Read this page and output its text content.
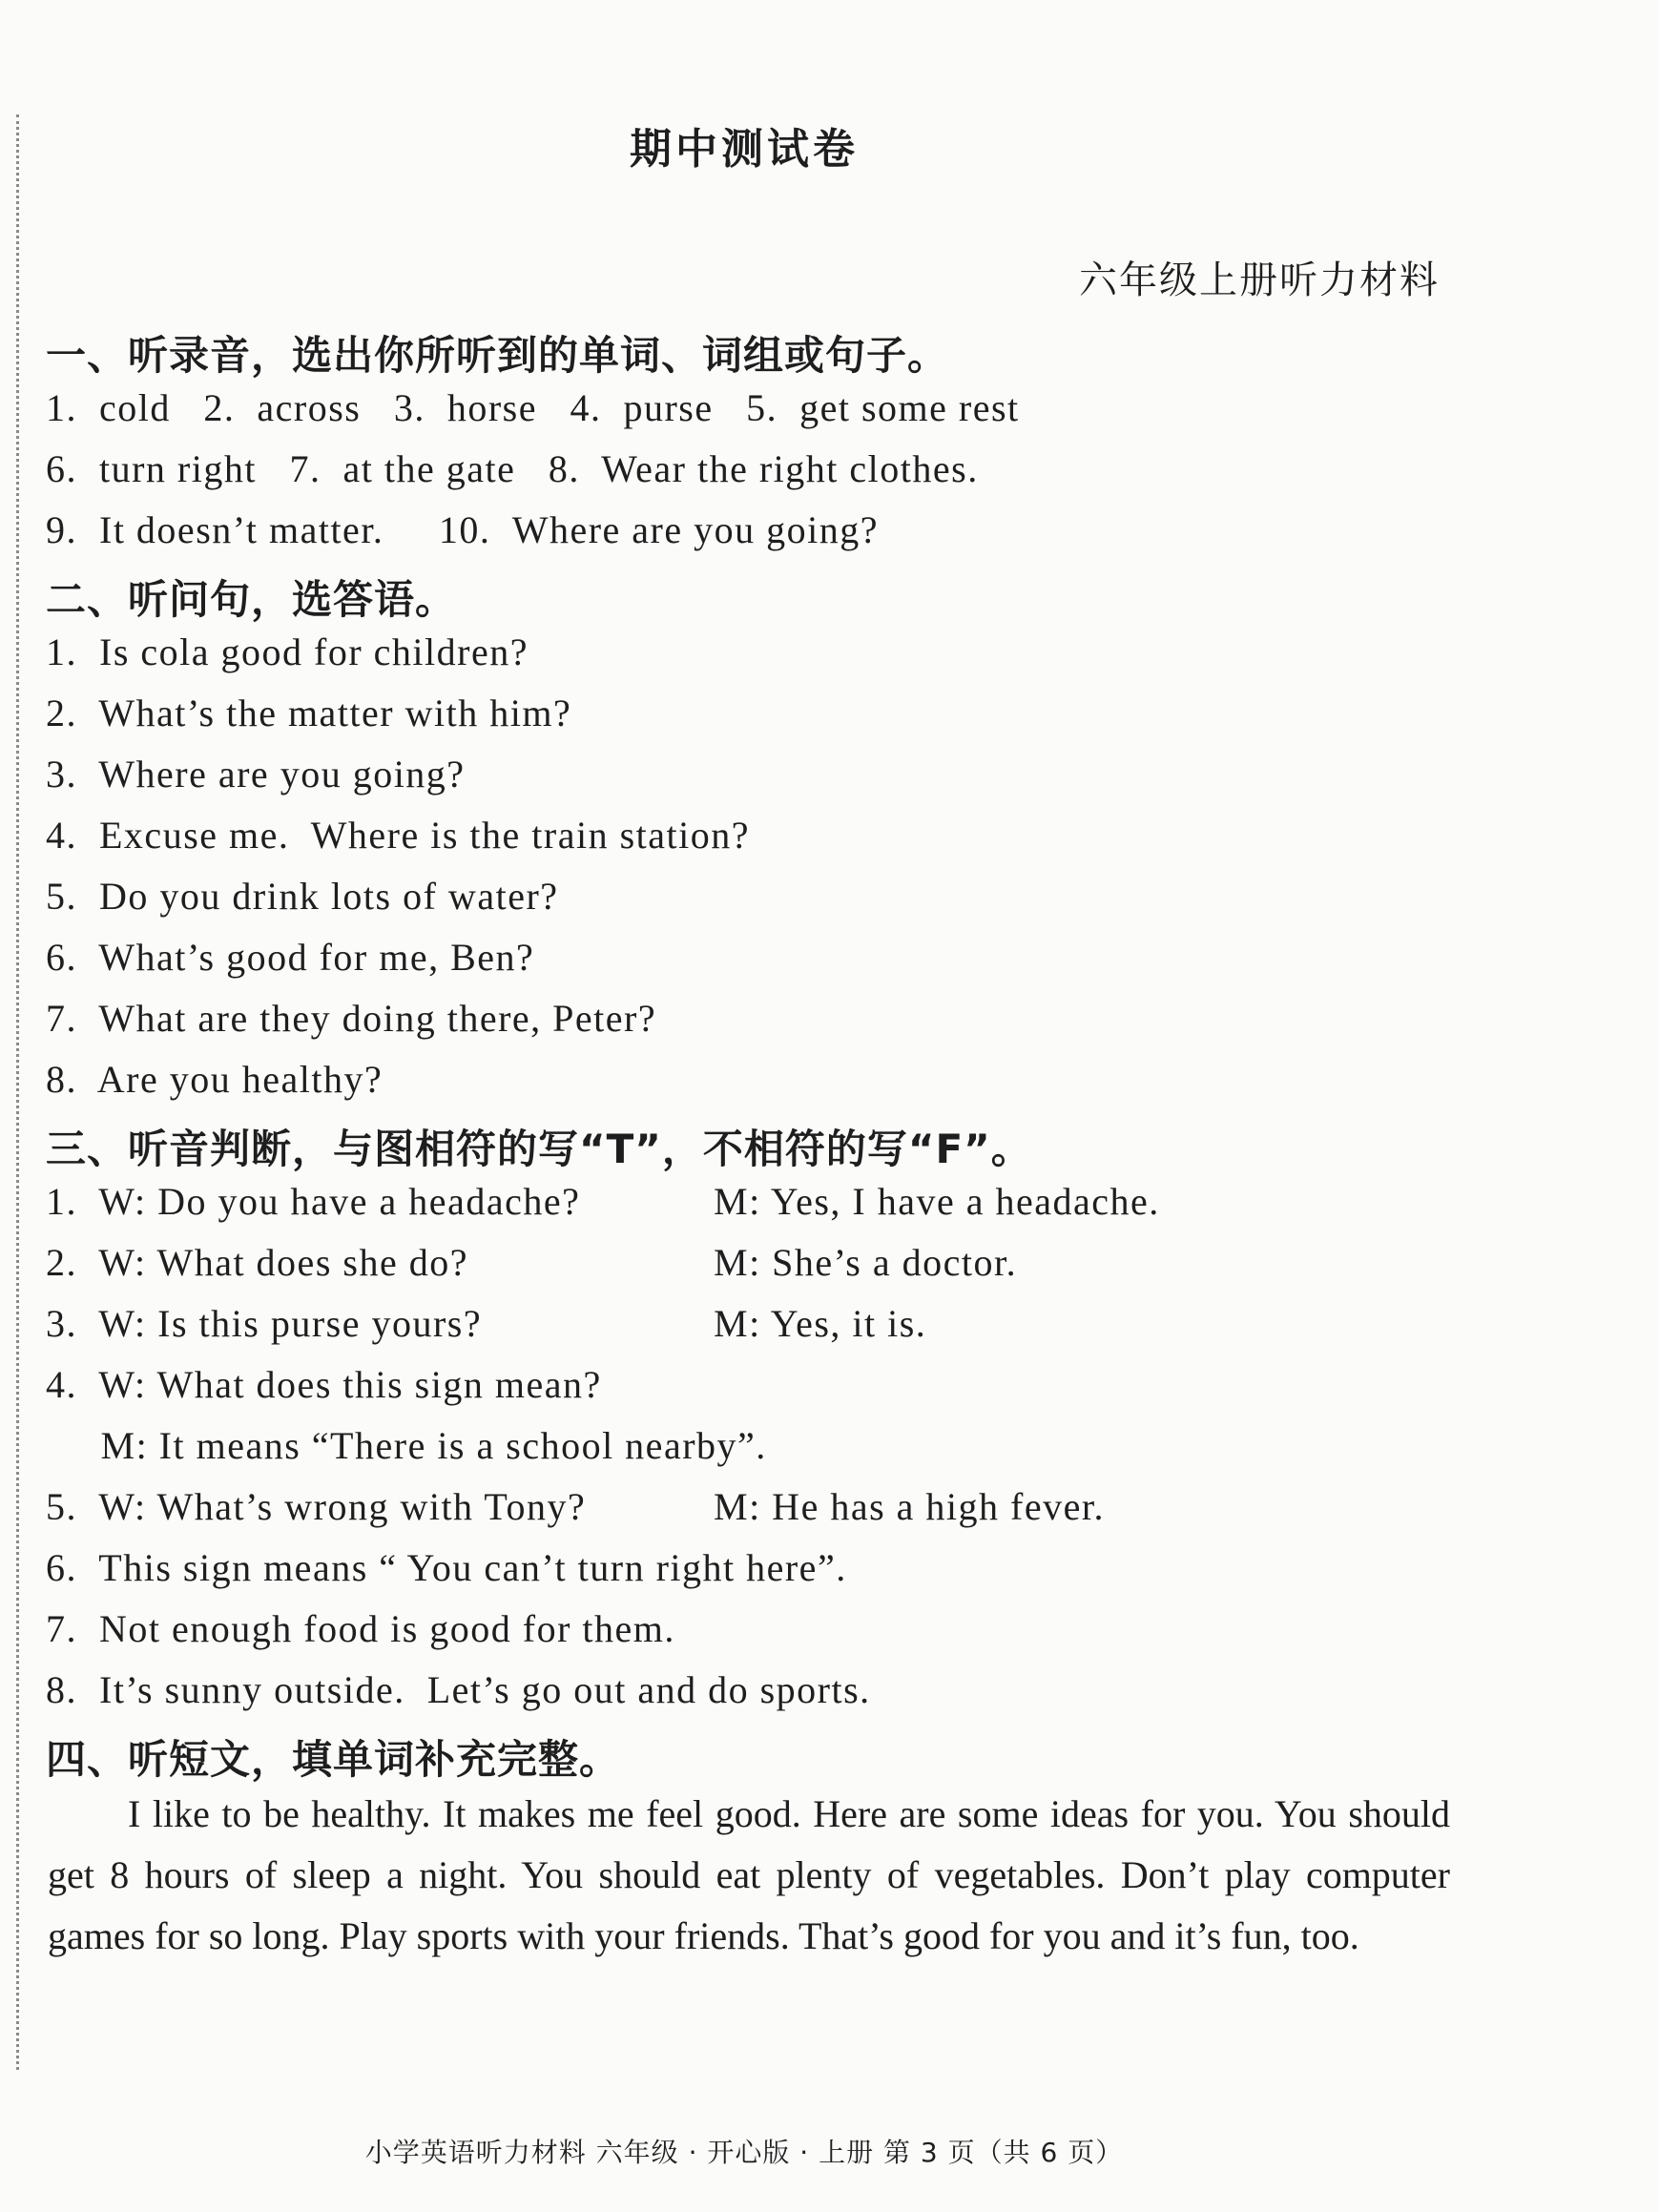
期中测试卷
六年级上册听力材料
一、听录音，选出你所听到的单词、词组或句子。
1.  cold   2.  across   3.  horse   4.  purse   5.  get some rest
6.  turn right   7.  at the gate   8.  Wear the right clothes.
9.  It doesn’t matter.     10.  Where are you going?
二、听问句，选答语。
1.  Is cola good for children?
2.  What’s the matter with him?
3.  Where are you going?
4.  Excuse me.  Where is the train station?
5.  Do you drink lots of water?
6.  What’s good for me, Ben?
7.  What are they doing there, Peter?
8.  Are you healthy?
三、听音判断，与图相符的写“T”，不相符的写“F”。
1.  W: Do you have a headache?	M: Yes, I have a headache.
2.  W: What does she do?	M: She’s a doctor.
3.  W: Is this purse yours?	M: Yes, it is.
4.  W: What does this sign mean?
M: It means “There is a school nearby”.
5.  W: What’s wrong with Tony?	M: He has a high fever.
6.  This sign means “ You can’t turn right here”.
7.  Not enough food is good for them.
8.  It’s sunny outside.  Let’s go out and do sports.
四、听短文，填单词补充完整。
I like to be healthy. It makes me feel good. Here are some ideas for you. You should get 8 hours of sleep a night. You should eat plenty of vegetables. Don’t play computer games for so long. Play sports with your friends. That’s good for you and it’s fun, too.
小学英语听力材料 六年级 · 开心版 · 上册 第 3 页（共 6 页）
